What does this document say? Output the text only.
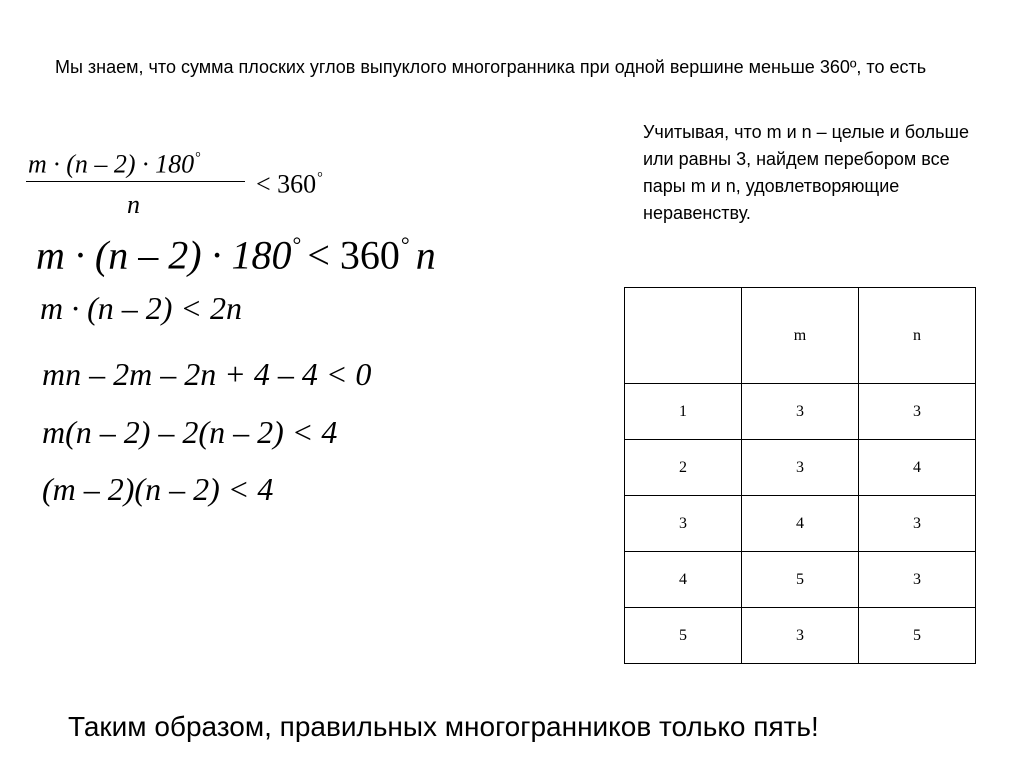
Мы знаем, что сумма плоских углов выпуклого многогранника при одной вершине меньше 360º, то есть

Учитывая, что m и n – целые и больше или равны 3, найдем перебором все пары m и n, удовлетворяющие неравенству.

m · (n – 2) · 180°
n
< 360°
m · (n – 2) · 180° < 360° n
m · (n – 2) < 2n
mn – 2m – 2n + 4 – 4 < 0
m(n – 2) – 2(n – 2) < 4
(m – 2)(n – 2) < 4
	m	n
1	3	3
2	3	4
3	4	3
4	5	3
5	3	5

Таким образом, правильных многогранников только пять!
